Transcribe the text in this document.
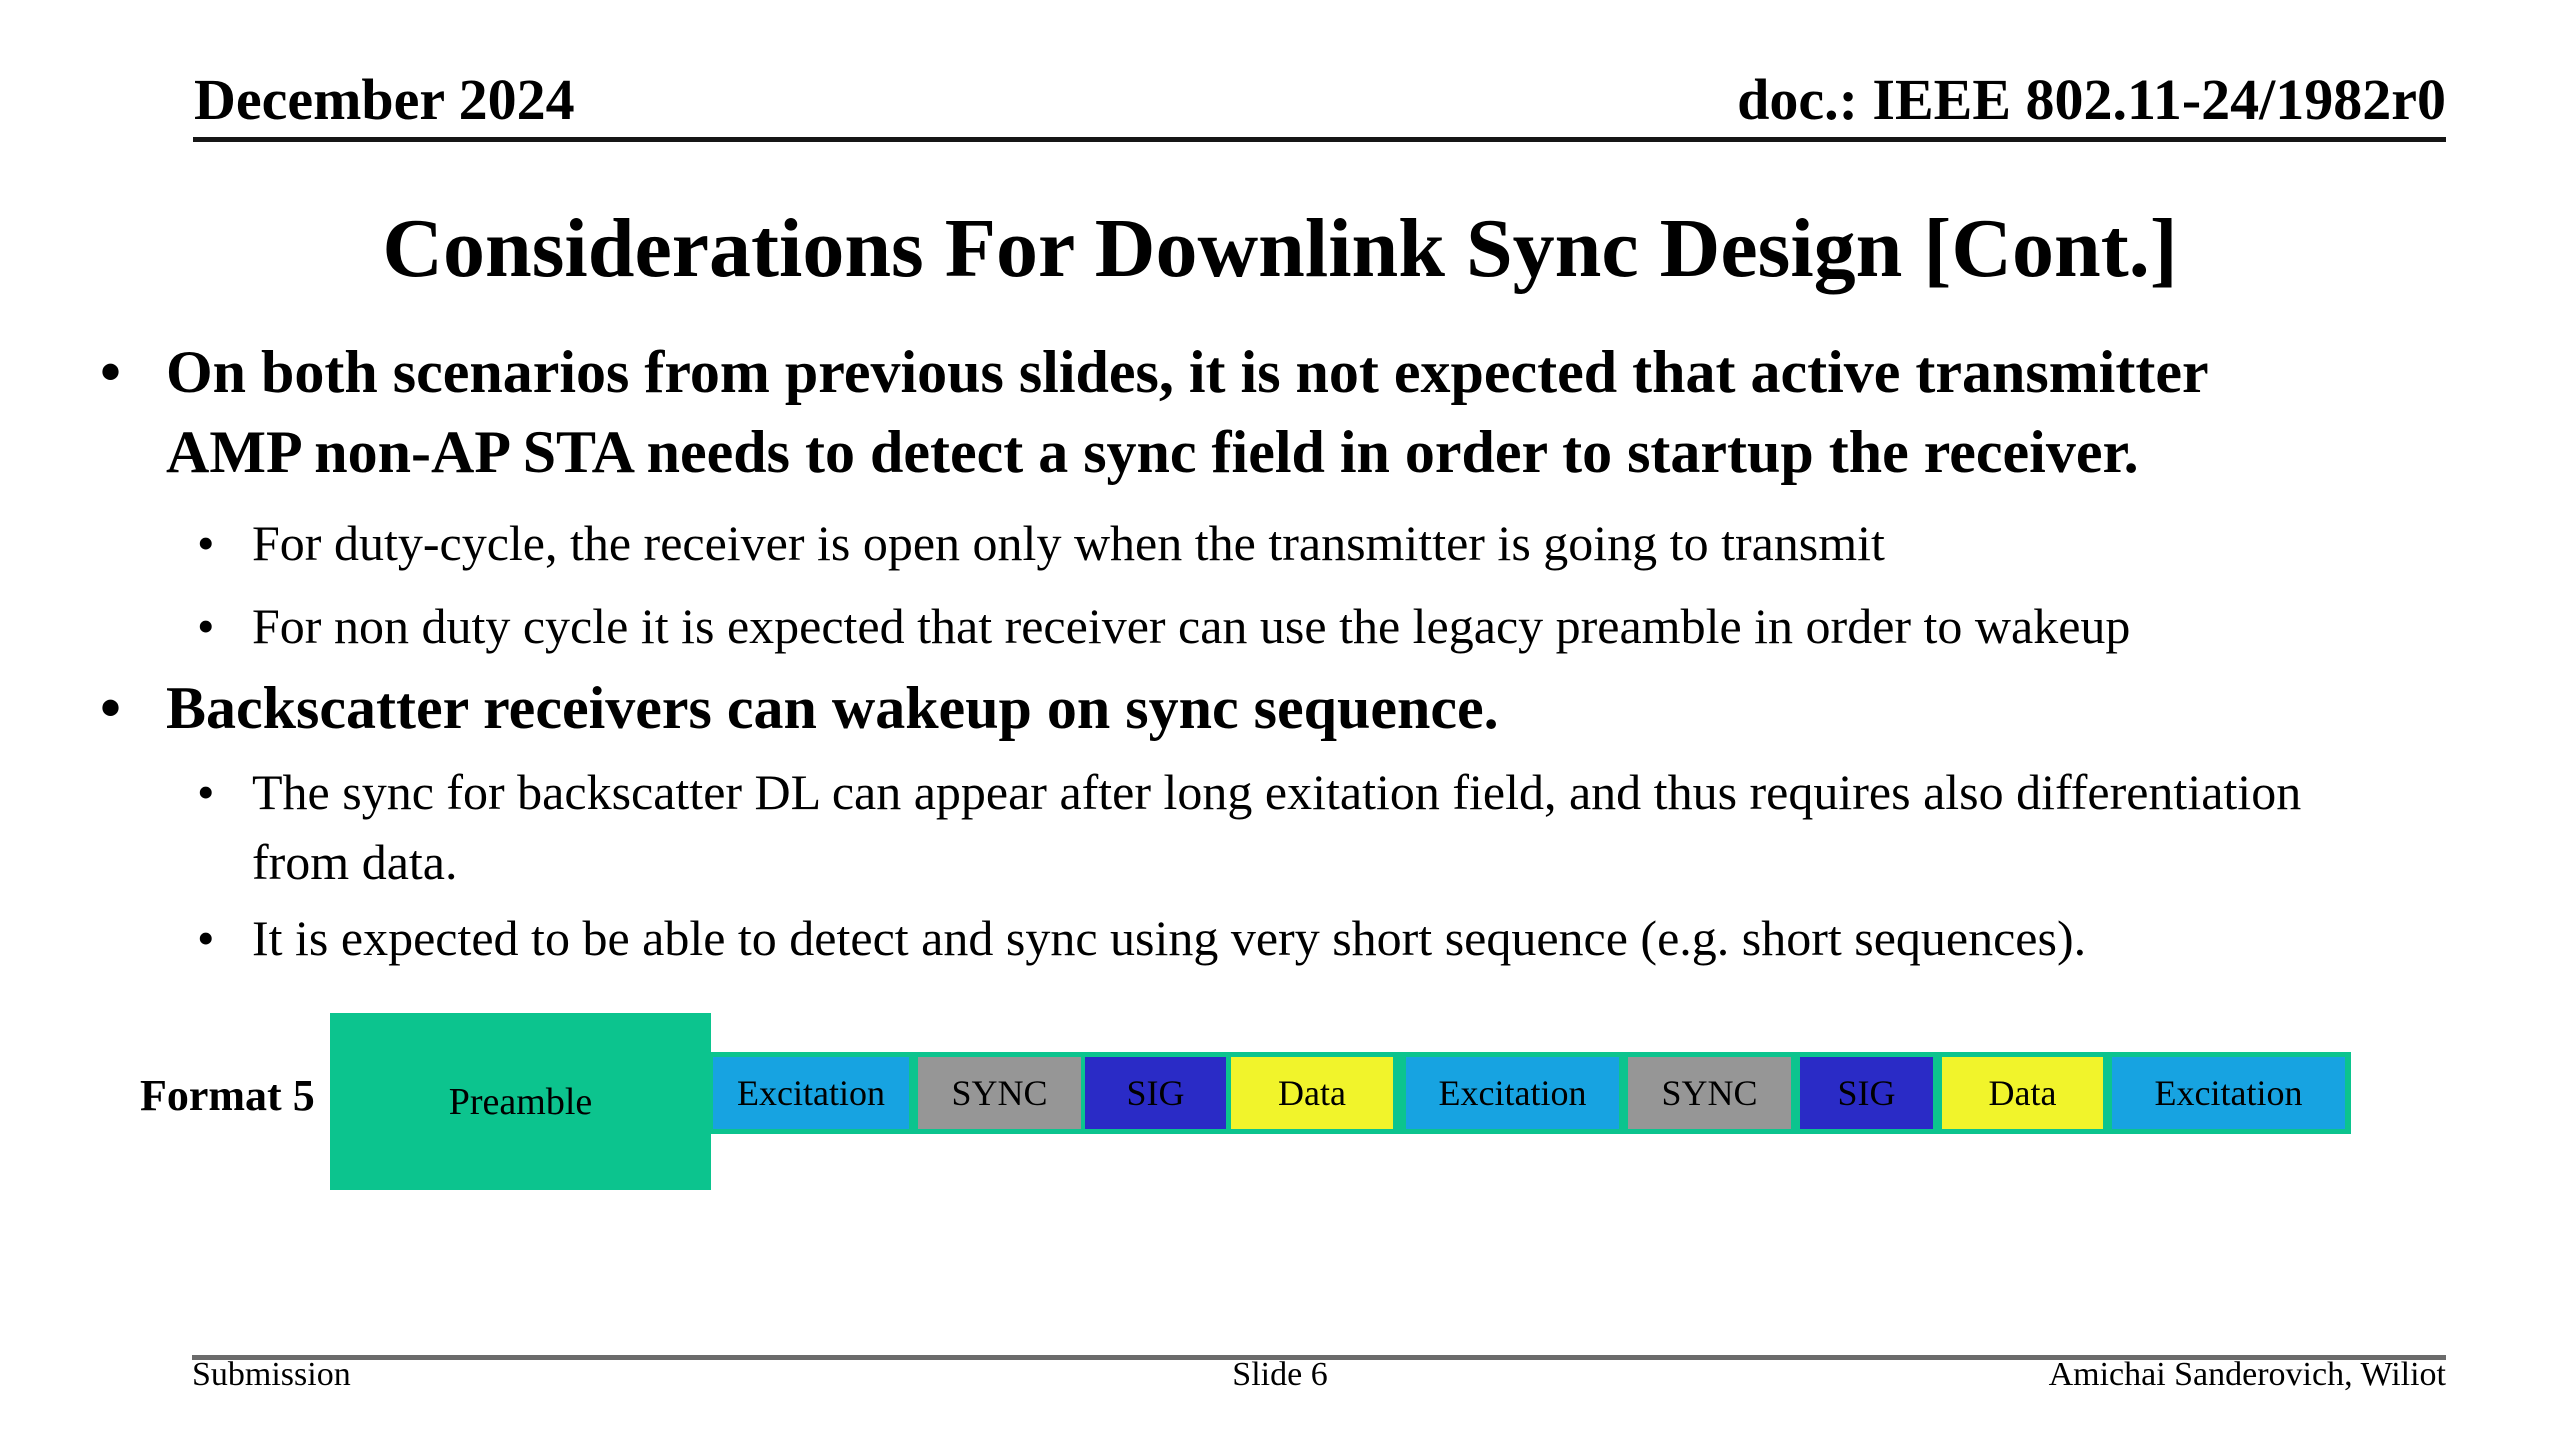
December 2024	doc.: IEEE 802.11-24/1982r0
Considerations For Downlink Sync Design [Cont.]
• On both scenarios from previous slides, it is not expected that active transmitter
AMP non-AP STA needs to detect a sync field in order to startup the receiver.
• For duty-cycle, the receiver is open only when the transmitter is going to transmit
• For non duty cycle it is expected that receiver can use the legacy preamble in order to wakeup
• Backscatter receivers can wakeup on sync sequence.
• The sync for backscatter DL can appear after long exitation field, and thus requires also differentiation
from data.
• It is expected to be able to detect and sync using very short sequence (e.g. short sequences).
Format 5	Preamble	Excitation	SYNC	SIG	Data	Excitation	SYNC	SIG	Data	Excitation
Submission	Slide 6	Amichai Sanderovich, Wiliot
